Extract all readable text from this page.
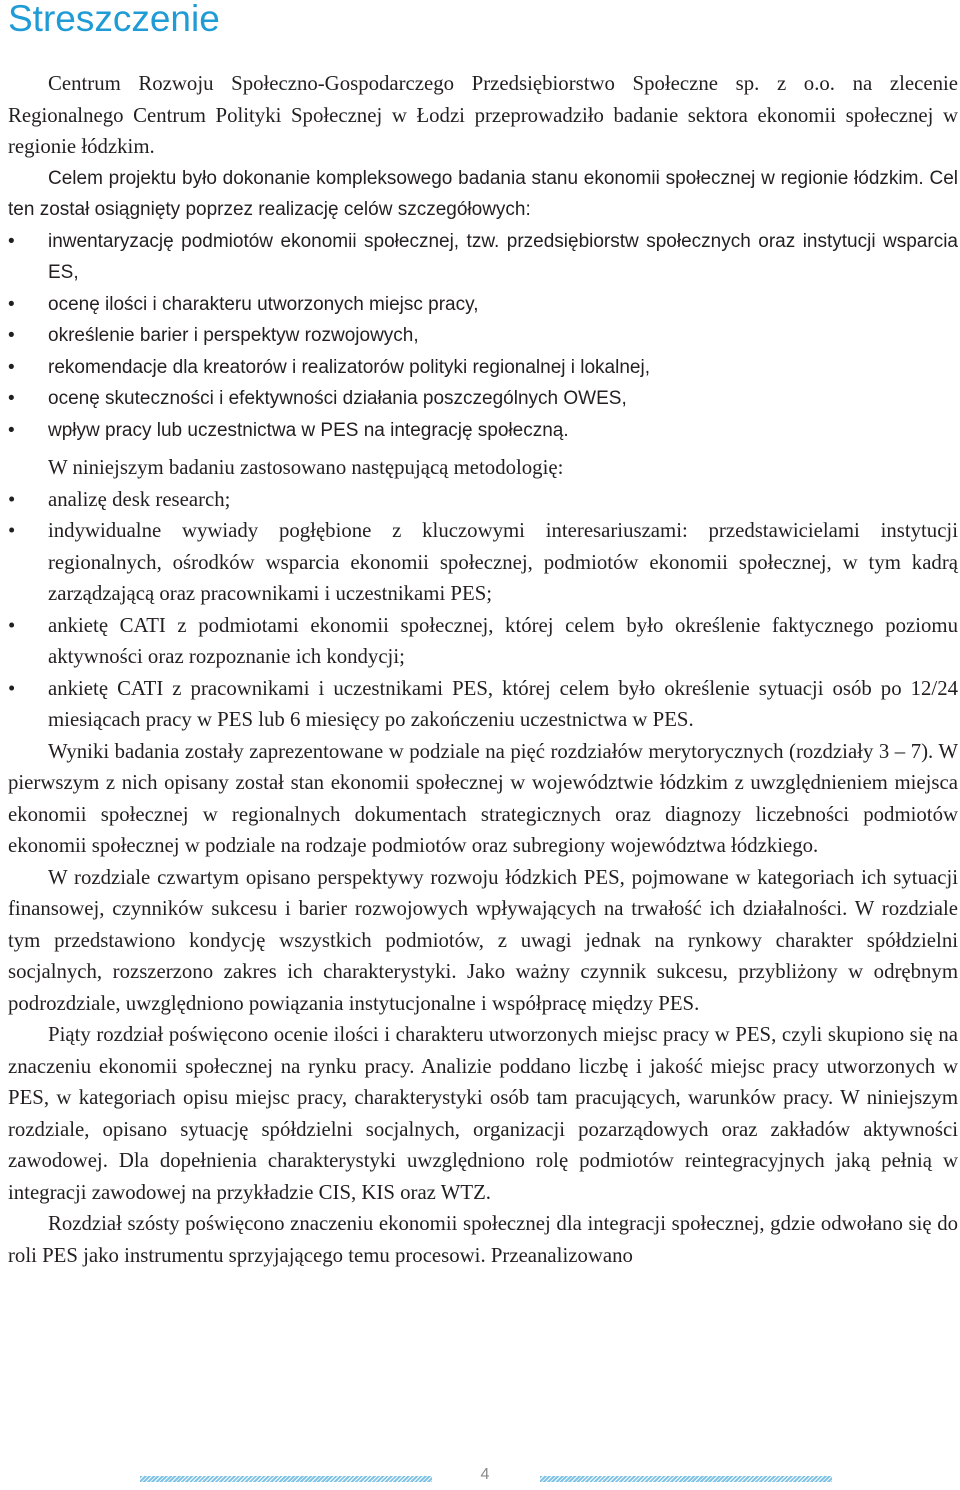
Streszczenie

Centrum Rozwoju Społeczno-Gospodarczego Przedsiębiorstwo Społeczne sp. z o.o. na zlecenie Regionalnego Centrum Polityki Społecznej w Łodzi przeprowadziło badanie sektora ekonomii społecznej w regionie łódzkim.

Celem projektu było dokonanie kompleksowego badania stanu ekonomii społecznej w regionie łódzkim. Cel ten został osiągnięty poprzez realizację celów szczegółowych:

• inwentaryzację podmiotów ekonomii społecznej, tzw. przedsiębiorstw społecznych oraz instytucji wsparcia ES,
• ocenę ilości i charakteru utworzonych miejsc pracy,
• określenie barier i perspektyw rozwojowych,
• rekomendacje dla kreatorów i realizatorów polityki regionalnej i lokalnej,
• ocenę skuteczności i efektywności działania poszczególnych OWES,
• wpływ pracy lub uczestnictwa w PES na integrację społeczną.

W niniejszym badaniu zastosowano następującą metodologię:

• analizę desk research;
• indywidualne wywiady pogłębione z kluczowymi interesariuszami: przedstawicielami instytucji regionalnych, ośrodków wsparcia ekonomii społecznej, podmiotów ekonomii społecznej, w tym kadrą zarządzającą oraz pracownikami i uczestnikami PES;
• ankietę CATI z podmiotami ekonomii społecznej, której celem było określenie faktycznego poziomu aktywności oraz rozpoznanie ich kondycji;
• ankietę CATI z pracownikami i uczestnikami PES, której celem było określenie sytuacji osób po 12/24 miesiącach pracy w PES lub 6 miesięcy po zakończeniu uczestnictwa w PES.

Wyniki badania zostały zaprezentowane w podziale na pięć rozdziałów merytorycznych (rozdziały 3 – 7). W pierwszym z nich opisany został stan ekonomii społecznej w województwie łódzkim z uwzględnieniem miejsca ekonomii społecznej w regionalnych dokumentach strategicznych oraz diagnozy liczebności podmiotów ekonomii społecznej w podziale na rodzaje podmiotów oraz subregiony województwa łódzkiego.

W rozdziale czwartym opisano perspektywy rozwoju łódzkich PES, pojmowane w kategoriach ich sytuacji finansowej, czynników sukcesu i barier rozwojowych wpływających na trwałość ich działalności. W rozdziale tym przedstawiono kondycję wszystkich podmiotów, z uwagi jednak na rynkowy charakter spółdzielni socjalnych, rozszerzono zakres ich charakterystyki. Jako ważny czynnik sukcesu, przybliżony w odrębnym podrozdziale, uwzględniono powiązania instytucjonalne i współpracę między PES.

Piąty rozdział poświęcono ocenie ilości i charakteru utworzonych miejsc pracy w PES, czyli skupiono się na znaczeniu ekonomii społecznej na rynku pracy. Analizie poddano liczbę i jakość miejsc pracy utworzonych w PES, w kategoriach opisu miejsc pracy, charakterystyki osób tam pracujących, warunków pracy. W niniejszym rozdziale, opisano sytuację spółdzielni socjalnych, organizacji pozarządowych oraz zakładów aktywności zawodowej. Dla dopełnienia charakterystyki uwzględniono rolę podmiotów reintegracyjnych jaką pełnią w integracji zawodowej na przykładzie CIS, KIS oraz WTZ.

Rozdział szósty poświęcono znaczeniu ekonomii społecznej dla integracji społecznej, gdzie odwołano się do roli PES jako instrumentu sprzyjającego temu procesowi. Przeanalizowano

4
